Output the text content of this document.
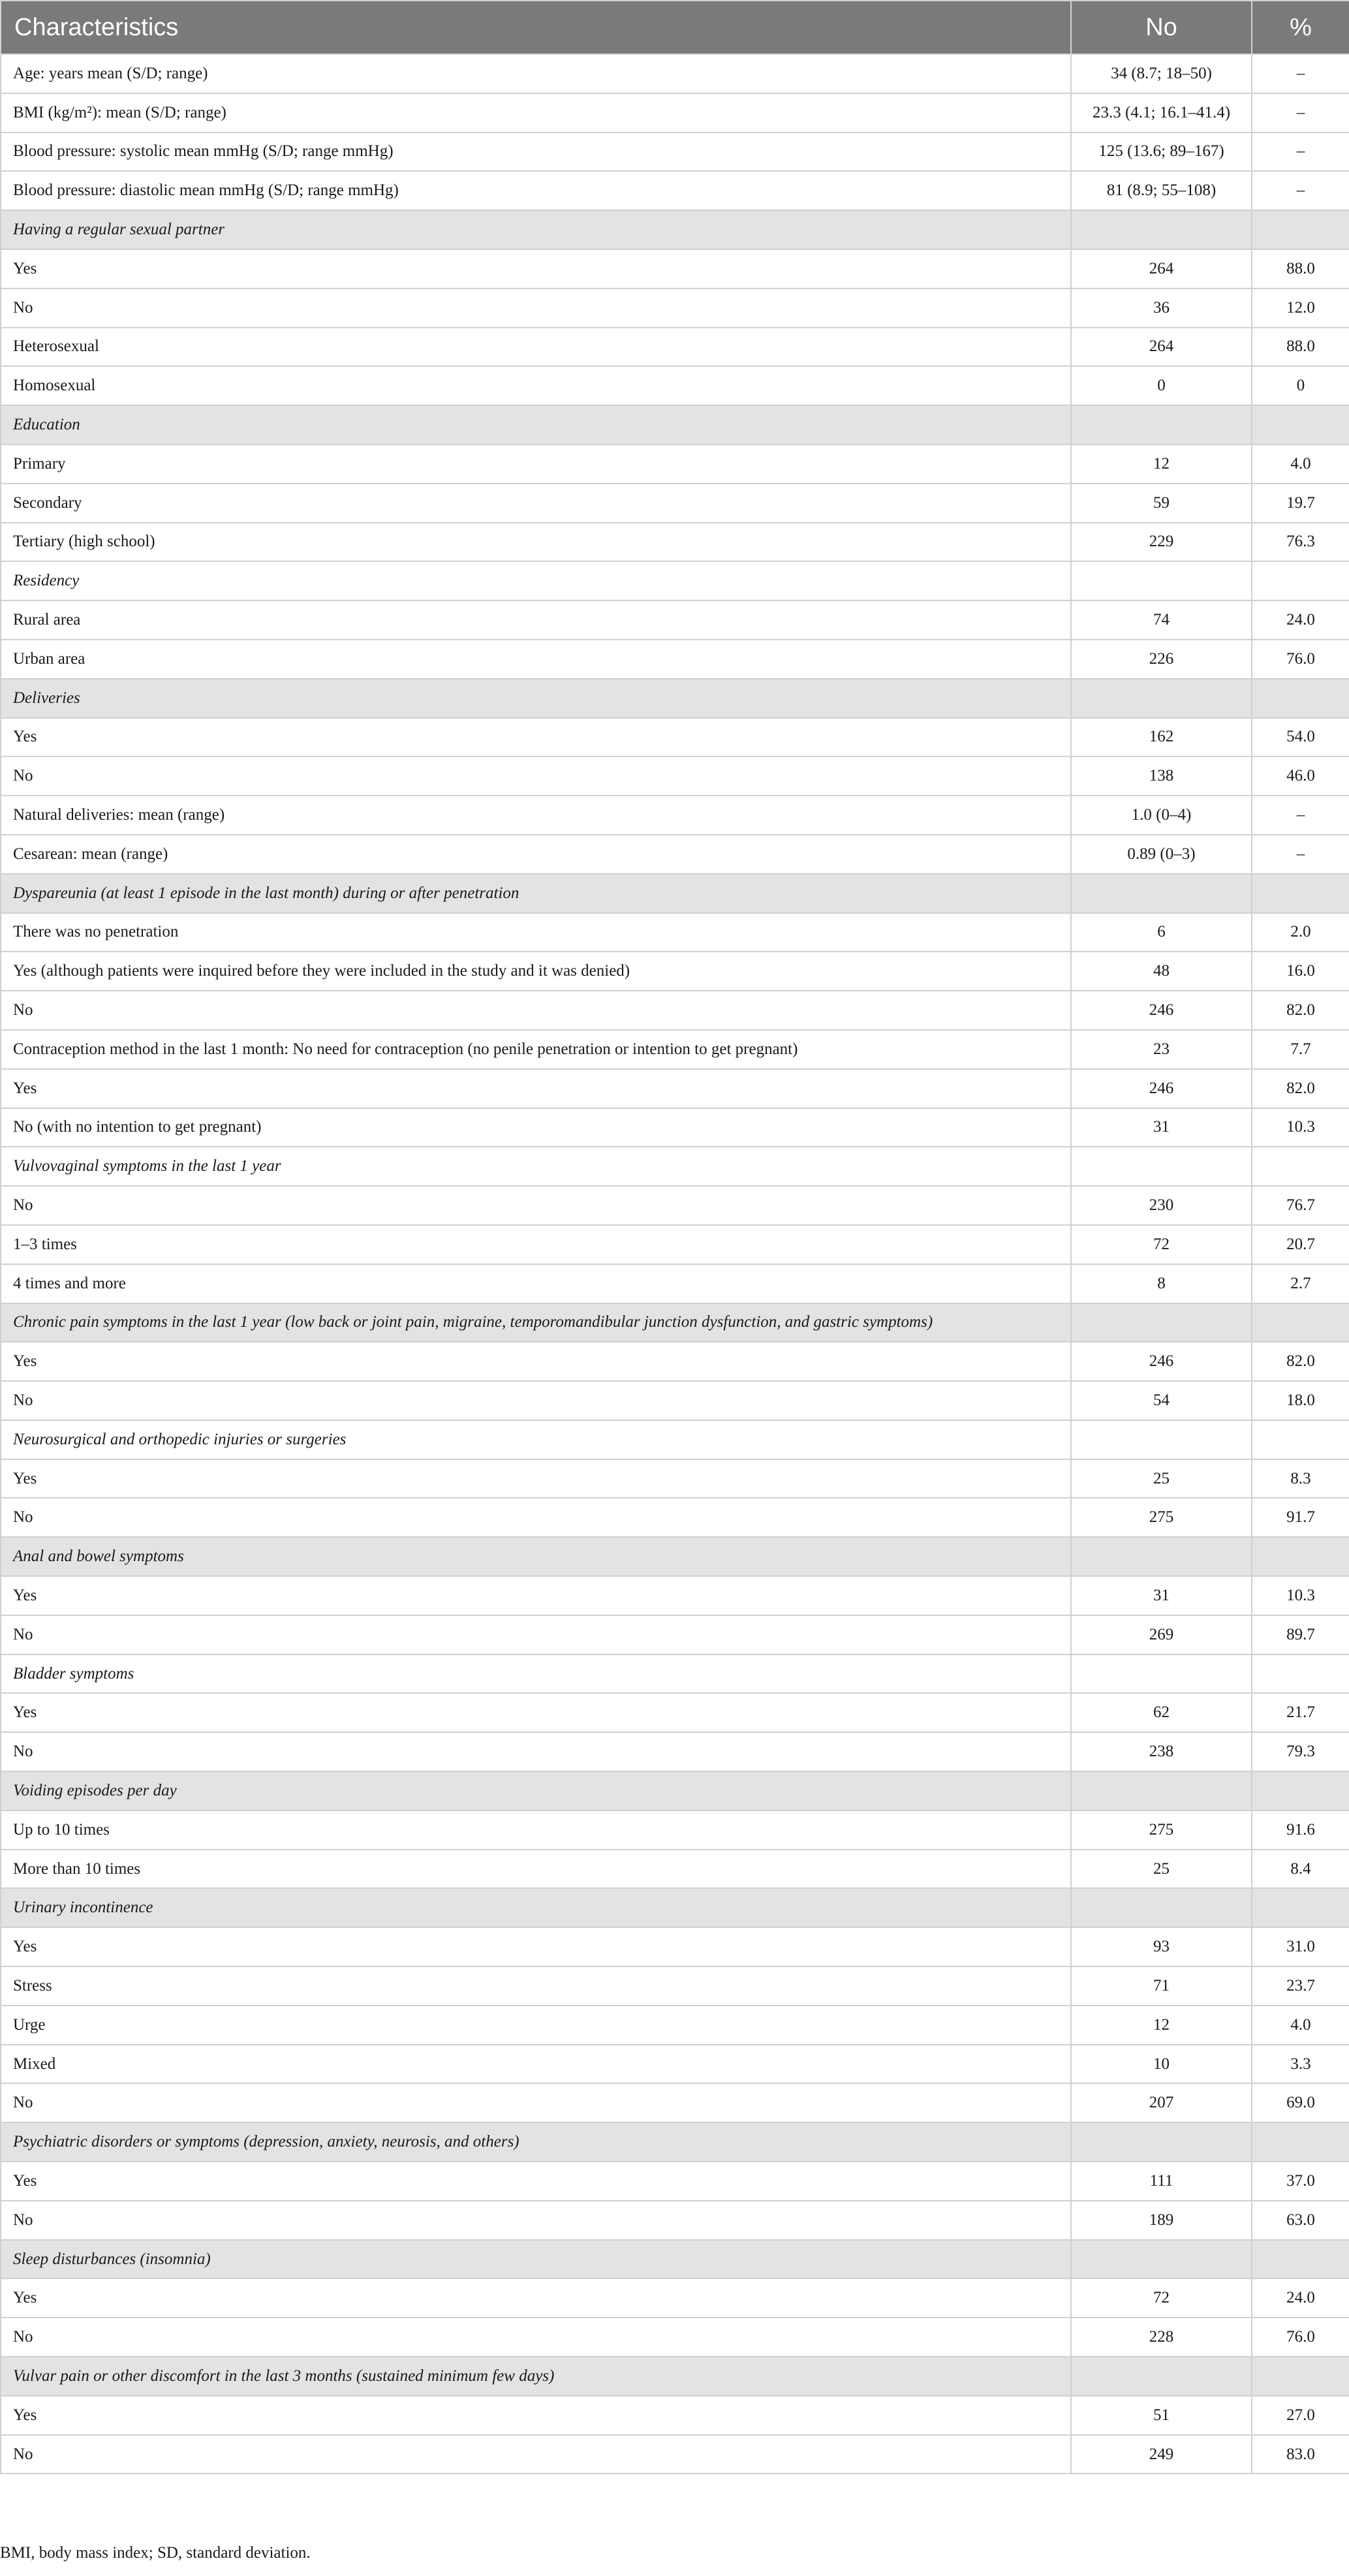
Characteristics	No	%
Age: years mean (S/D; range)	34 (8.7; 18–50)	–
BMI (kg/m²): mean (S/D; range)	23.3 (4.1; 16.1–41.4)	–
Blood pressure: systolic mean mmHg (S/D; range mmHg)	125 (13.6; 89–167)	–
Blood pressure: diastolic mean mmHg (S/D; range mmHg)	81 (8.9; 55–108)	–
Having a regular sexual partner		
Yes	264	88.0
No	36	12.0
Heterosexual	264	88.0
Homosexual	0	0
Education		
Primary	12	4.0
Secondary	59	19.7
Tertiary (high school)	229	76.3
Residency		
Rural area	74	24.0
Urban area	226	76.0
Deliveries		
Yes	162	54.0
No	138	46.0
Natural deliveries: mean (range)	1.0 (0–4)	–
Cesarean: mean (range)	0.89 (0–3)	–
Dyspareunia (at least 1 episode in the last month) during or after penetration		
There was no penetration	6	2.0
Yes (although patients were inquired before they were included in the study and it was denied)	48	16.0
No	246	82.0
Contraception method in the last 1 month: No need for contraception (no penile penetration or intention to get pregnant)	23	7.7
Yes	246	82.0
No (with no intention to get pregnant)	31	10.3
Vulvovaginal symptoms in the last 1 year		
No	230	76.7
1–3 times	72	20.7
4 times and more	8	2.7
Chronic pain symptoms in the last 1 year (low back or joint pain, migraine, temporomandibular junction dysfunction, and gastric symptoms)		
Yes	246	82.0
No	54	18.0
Neurosurgical and orthopedic injuries or surgeries		
Yes	25	8.3
No	275	91.7
Anal and bowel symptoms		
Yes	31	10.3
No	269	89.7
Bladder symptoms		
Yes	62	21.7
No	238	79.3
Voiding episodes per day		
Up to 10 times	275	91.6
More than 10 times	25	8.4
Urinary incontinence		
Yes	93	31.0
Stress	71	23.7
Urge	12	4.0
Mixed	10	3.3
No	207	69.0
Psychiatric disorders or symptoms (depression, anxiety, neurosis, and others)		
Yes	111	37.0
No	189	63.0
Sleep disturbances (insomnia)		
Yes	72	24.0
No	228	76.0
Vulvar pain or other discomfort in the last 3 months (sustained minimum few days)		
Yes	51	27.0
No	249	83.0
BMI, body mass index; SD, standard deviation.
